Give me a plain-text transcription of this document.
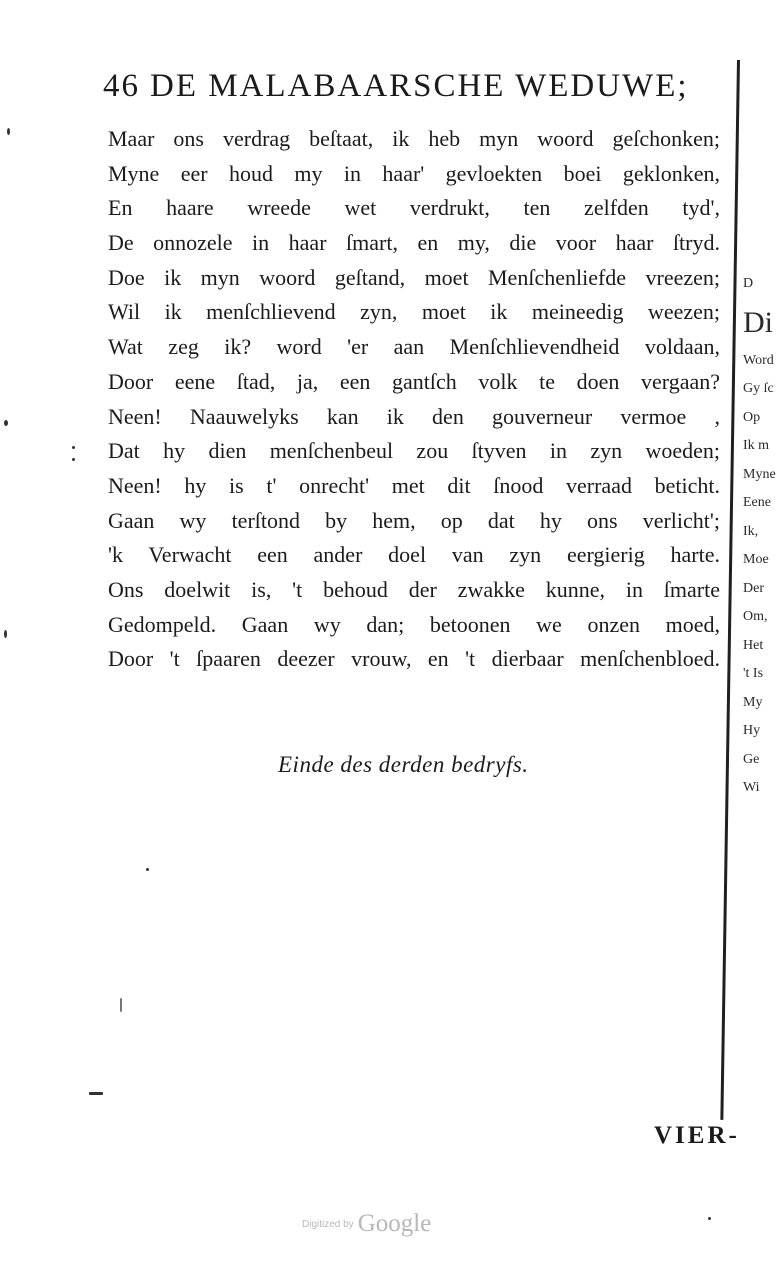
D
Di
Word
Gy ſc
Op
Ik m
Myne
Eene
Ik,
Moe
Der
Om,
Het
't Is
My
Hy
Ge
Wi
46 DE MALABAARSCHE WEDUWE;
Maar ons verdrag beſtaat, ik heb myn woord geſchonken;
Myne eer houd my in haar' gevloekten boei geklonken,
En haare wreede wet verdrukt, ten zelfden tyd',
De onnozele in haar ſmart, en my, die voor haar ſtryd.
Doe ik myn woord geſtand, moet Menſchenliefde vreezen;
Wil ik menſchlievend zyn, moet ik meineedig weezen;
Wat zeg ik? word 'er aan Menſchlievendheid voldaan,
Door eene ſtad, ja, een gantſch volk te doen vergaan?
Neen! Naauwelyks kan ik den gouverneur vermoe ,
Dat hy dien menſchenbeul zou ſtyven in zyn woeden;
Neen! hy is t' onrecht' met dit ſnood verraad beticht.
Gaan wy terſtond by hem, op dat hy ons verlicht';
'k Verwacht een ander doel van zyn eergierig harte.
Ons doelwit is, 't behoud der zwakke kunne, in ſmarte
Gedompeld. Gaan wy dan; betoonen we onzen moed,
Door 't ſpaaren deezer vrouw, en 't dierbaar menſchenbloed.
Einde des derden bedryfs.
VIER-
Digitized by Google
